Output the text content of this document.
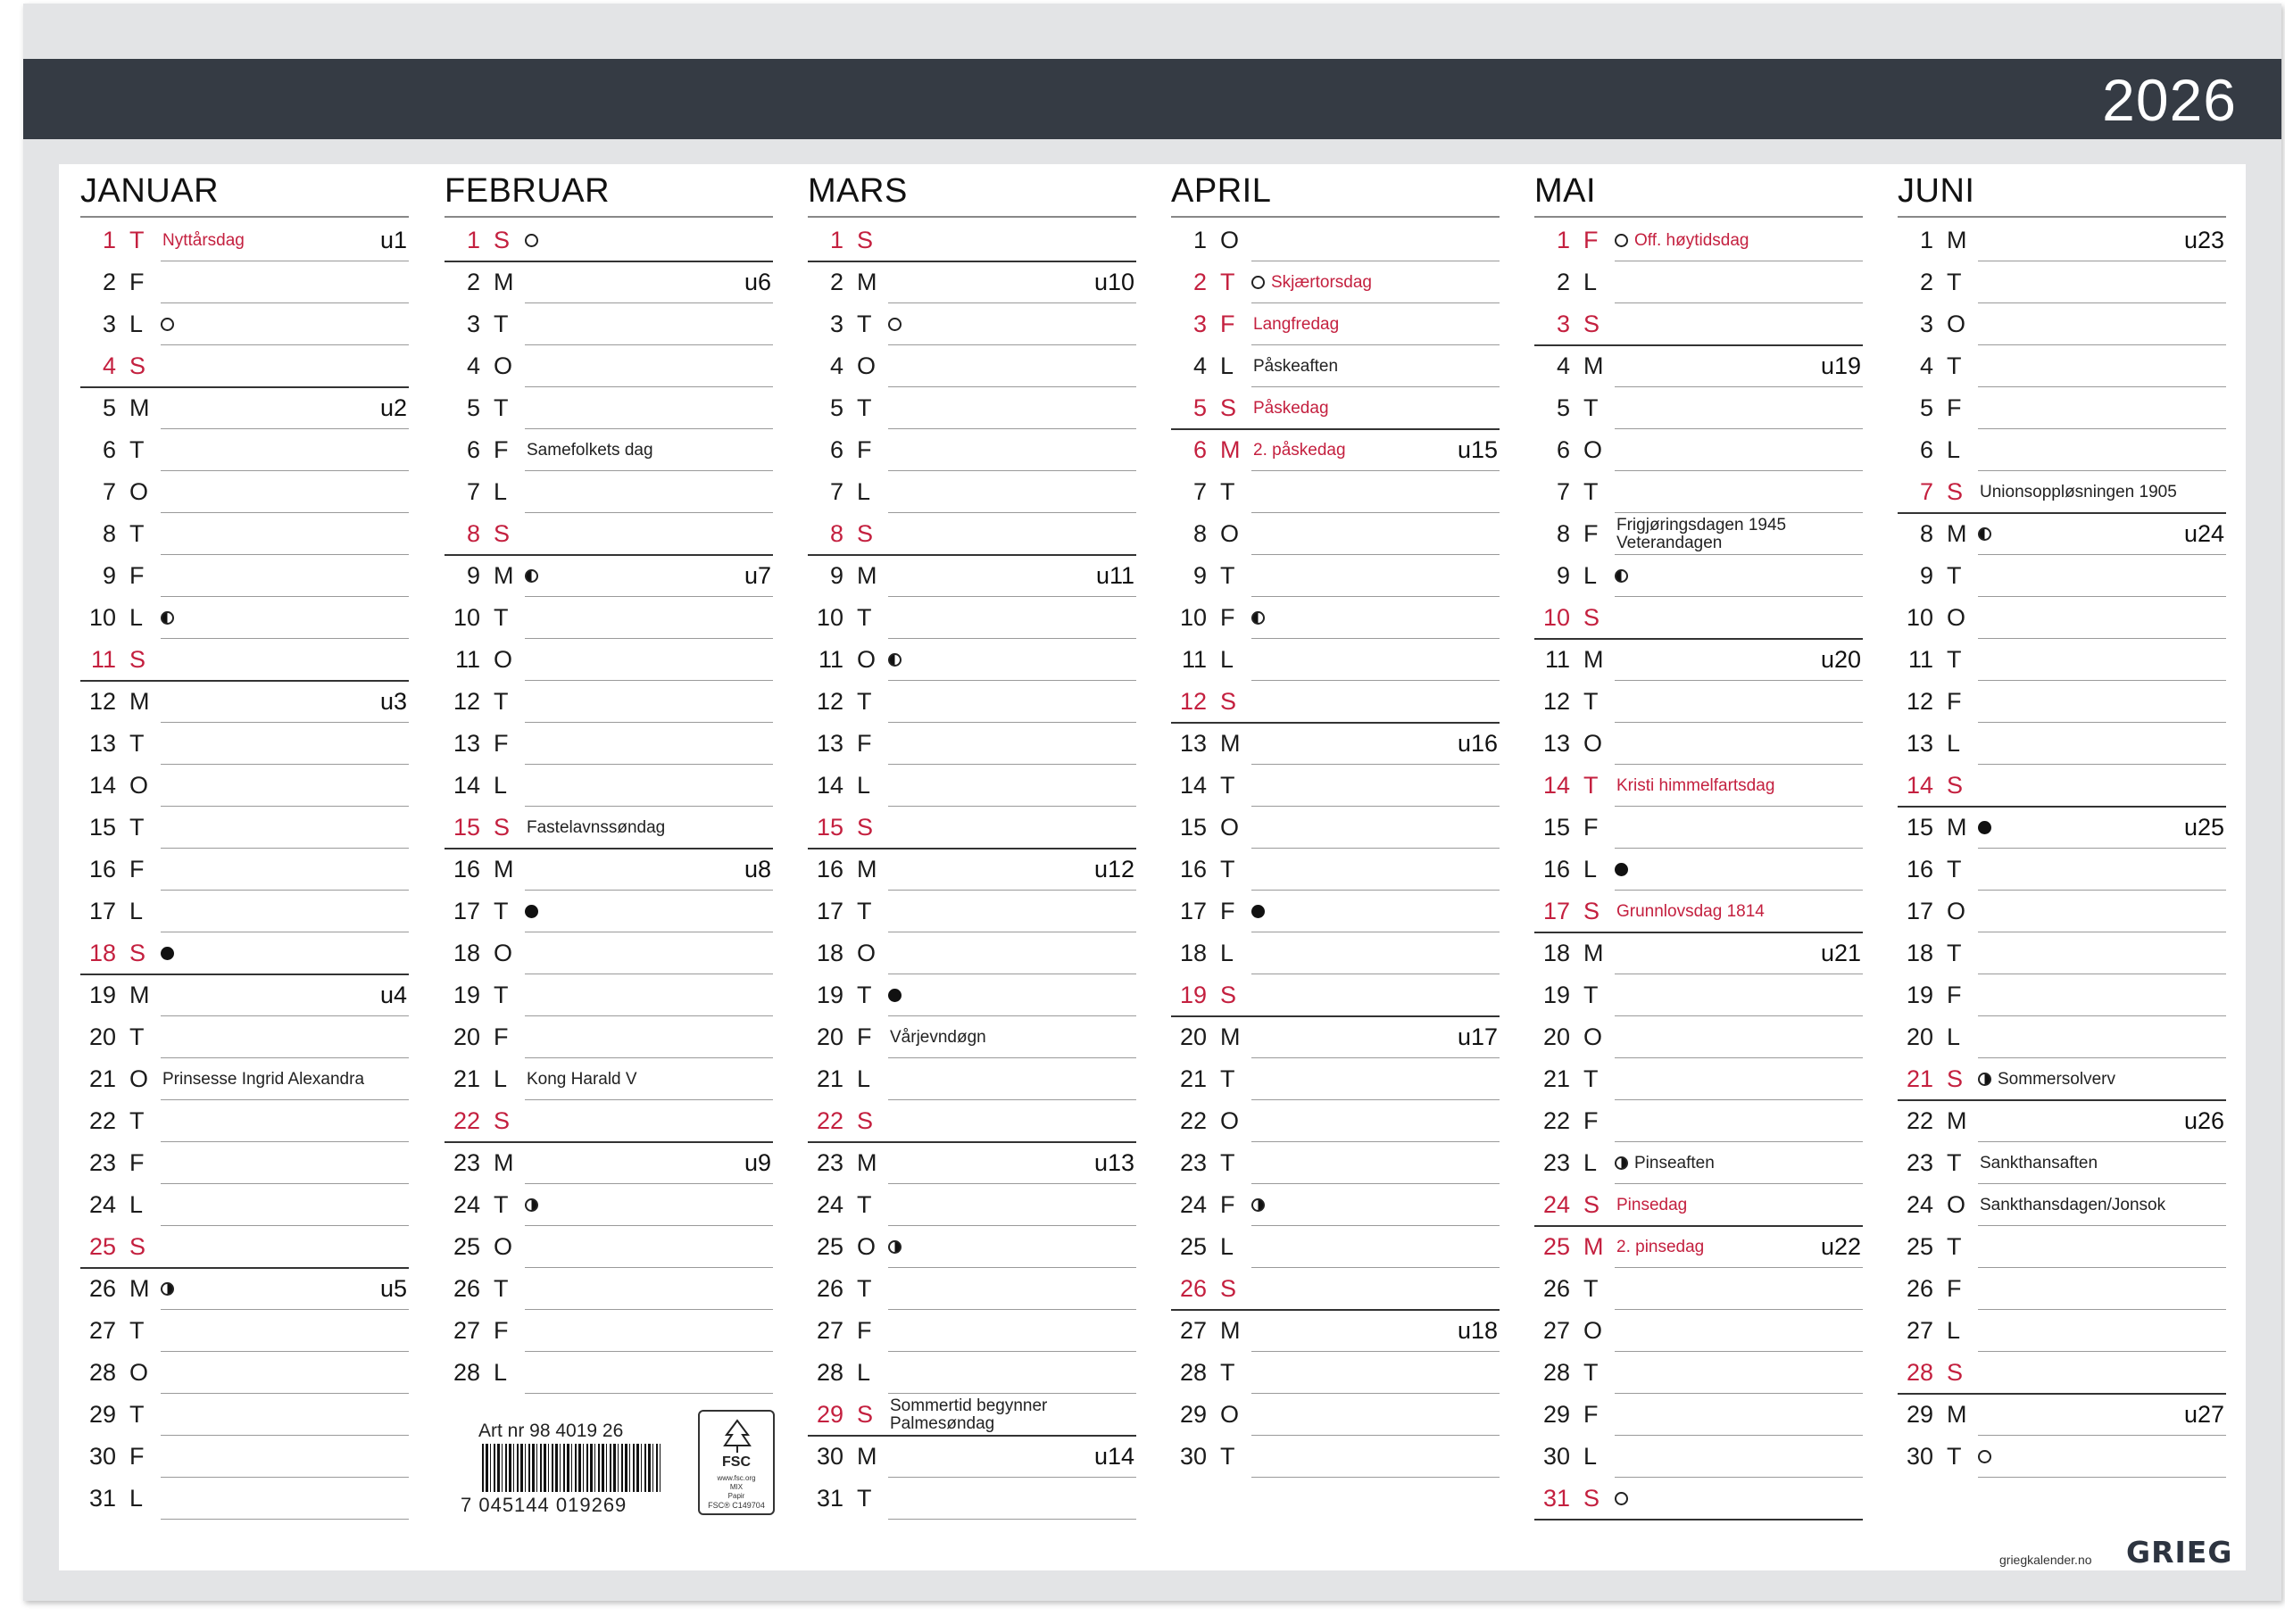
2026
JANUAR
1 T Nyttårsdag	u1
2 F
3 L
4 S
5 M	u2
6 T
7 O
8 T
9 F
10 L
11 S
12 M	u3
13 T
14 O
15 T
16 F
17 L
18 S
19 M	u4
20 T
21 O Prinsesse Ingrid Alexandra
22 T
23 F
24 L
25 S
26 M	u5
27 T
28 O
29 T
30 F
31 L
FEBRUAR
1 S
2 M	u6
3 T
4 O
5 T
6 F Samefolkets dag
7 L
8 S
9 M	u7
10 T
11 O
12 T
13 F
14 L
15 S Fastelavnssøndag
16 M	u8
17 T
18 O
19 T
20 F
21 L Kong Harald V
22 S
23 M	u9
24 T
25 O
26 T
27 F
28 L
MARS
1 S
2 M	u10
3 T
4 O
5 T
6 F
7 L
8 S
9 M	u11
10 T
11 O
12 T
13 F
14 L
15 S
16 M	u12
17 T
18 O
19 T
20 F Vårjevndøgn
21 L
22 S
23 M	u13
24 T
25 O
26 T
27 F
28 L
29 S Sommertid begynner
Palmesøndag
30 M	u14
31 T
APRIL
1 O
2 T Skjærtorsdag
3 F Langfredag
4 L Påskeaften
5 S Påskedag
6 M 2. påskedag	u15
7 T
8 O
9 T
10 F
11 L
12 S
13 M	u16
14 T
15 O
16 T
17 F
18 L
19 S
20 M	u17
21 T
22 O
23 T
24 F
25 L
26 S
27 M	u18
28 T
29 O
30 T
MAI
1 F Off. høytidsdag
2 L
3 S
4 M	u19
5 T
6 O
7 T
8 F Frigjøringsdagen 1945
Veterandagen
9 L
10 S
11 M	u20
12 T
13 O
14 T Kristi himmelfartsdag
15 F
16 L
17 S Grunnlovsdag 1814
18 M	u21
19 T
20 O
21 T
22 F
23 L Pinseaften
24 S Pinsedag
25 M 2. pinsedag	u22
26 T
27 O
28 T
29 F
30 L
31 S
JUNI
1 M	u23
2 T
3 O
4 T
5 F
6 L
7 S Unionsoppløsningen 1905
8 M	u24
9 T
10 O
11 T
12 F
13 L
14 S
15 M	u25
16 T
17 O
18 T
19 F
20 L
21 S Sommersolverv
22 M	u26
23 T Sankthansaften
24 O Sankthansdagen/Jonsok
25 T
26 F
27 L
28 S
29 M	u27
30 T
Art nr 98 4019 26
7 045144 019269
FSC
www.fsc.org
MIX
Papir
FSC® C149704
griegkalender.no GRIEG
